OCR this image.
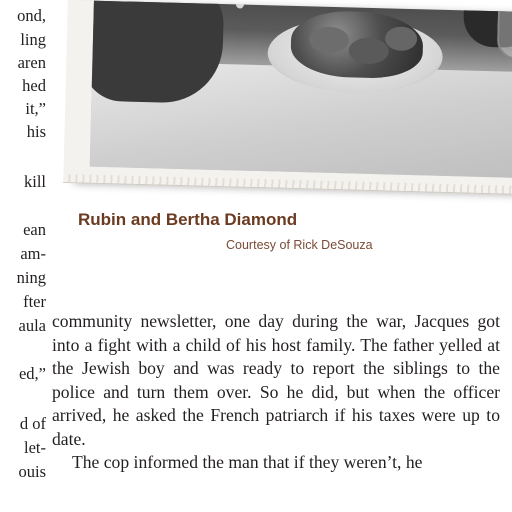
ond,
ling
aren
hed
it,”
his
kill
ean
am-
ning
fter
aula
ed,”
d of
let-
ouis
Rubin and Bertha Diamond
Courtesy of Rick DeSouza

community newsletter, one day during the war, Jacques got into a fight with a child of his host family. The father yelled at the Jewish boy and was ready to report the siblings to the police and turn them over. So he did, but when the officer arrived, he asked the French patriarch if his taxes were up to date.

The cop informed the man that if they weren’t, he
